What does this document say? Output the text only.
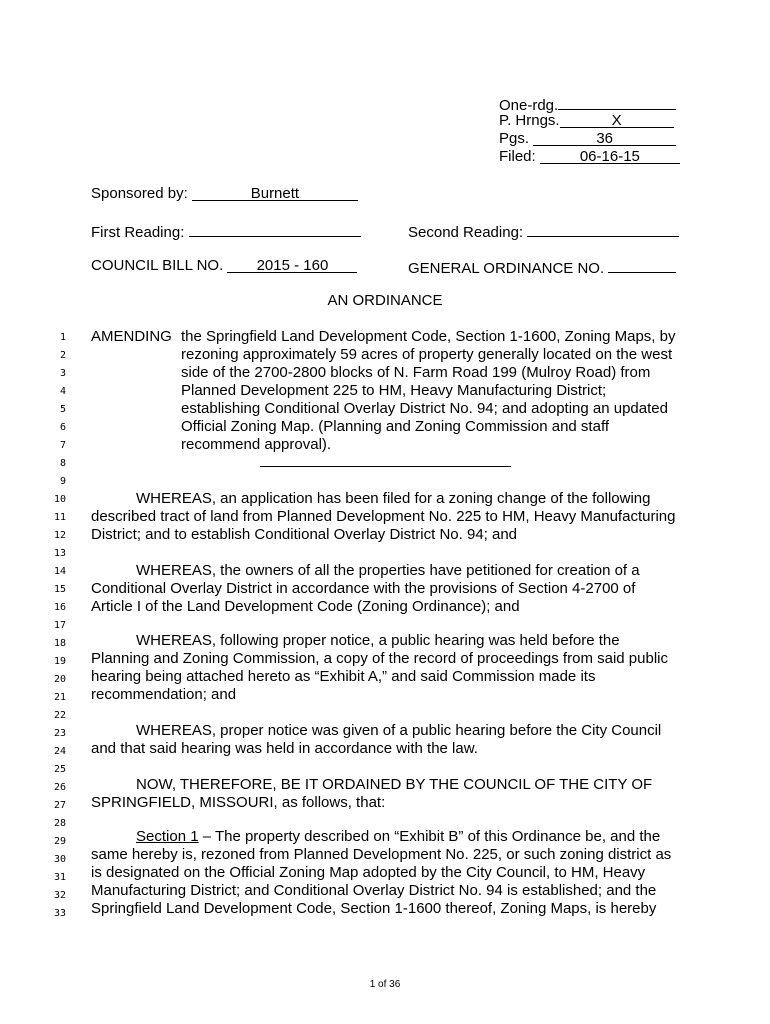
One-rdg.
P. Hrngs.	X
Pgs.	36
Filed:	06-16-15
Sponsored by:	Burnett
First Reading:	Second Reading:
COUNCIL BILL NO. 2015 - 160	GENERAL ORDINANCE NO.
AN ORDINANCE
1
2
3
4
5
6
7
8
9
10
11
12
13
14
15
16
17
18
19
20
21
22
23
24
25
26
27
28
29
30
31
32
33
AMENDING the Springfield Land Development Code, Section 1-1600, Zoning Maps, by
rezoning approximately 59 acres of property generally located on the west
side of the 2700-2800 blocks of N. Farm Road 199 (Mulroy Road) from
Planned Development 225 to HM, Heavy Manufacturing District;
establishing Conditional Overlay District No. 94; and adopting an updated
Official Zoning Map. (Planning and Zoning Commission and staff
recommend approval).
WHEREAS, an application has been filed for a zoning change of the following
described tract of land from Planned Development No. 225 to HM, Heavy Manufacturing
District; and to establish Conditional Overlay District No. 94; and
WHEREAS, the owners of all the properties have petitioned for creation of a
Conditional Overlay District in accordance with the provisions of Section 4-2700 of
Article I of the Land Development Code (Zoning Ordinance); and
WHEREAS, following proper notice, a public hearing was held before the
Planning and Zoning Commission, a copy of the record of proceedings from said public
hearing being attached hereto as “Exhibit A,” and said Commission made its
recommendation; and
WHEREAS, proper notice was given of a public hearing before the City Council
and that said hearing was held in accordance with the law.
NOW, THEREFORE, BE IT ORDAINED BY THE COUNCIL OF THE CITY OF
SPRINGFIELD, MISSOURI, as follows, that:
Section 1 – The property described on “Exhibit B” of this Ordinance be, and the
same hereby is, rezoned from Planned Development No. 225, or such zoning district as
is designated on the Official Zoning Map adopted by the City Council, to HM, Heavy
Manufacturing District; and Conditional Overlay District No. 94 is established; and the
Springfield Land Development Code, Section 1-1600 thereof, Zoning Maps, is hereby
1 of 36
